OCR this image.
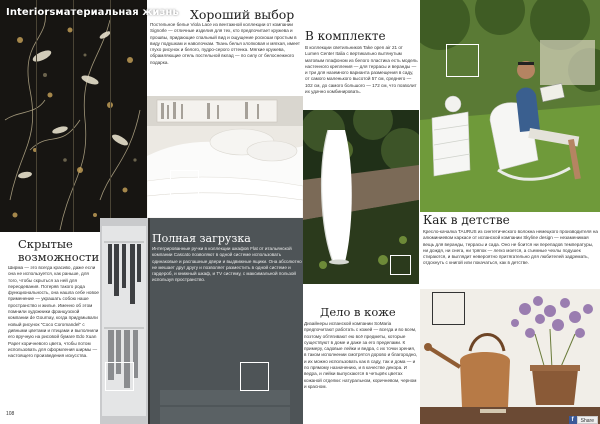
Interiorsматериальная жизнь
Скрытые возможности
Ширма — это всегда красиво, даже если она не используется, как раньше, для того, чтобы скрыться за ней для переодевания. Потеряв такого рода функциональность, она нашла себе новое применение — украшать собою наше пространство и жилье. Именно об этом помнили художники французской компании de Gournay, когда придумывали новый рисунок "Coco Coromandel" с дивными цветами и птицами и выполнили его вручную на рисовой бумаге Edo Xuan Paper коричневого цвета, чтобы потом использовать для оформления ширмы — настоящего произведения искусства.
Хороший выбор
Постельное белье Viola Lace из вентажной коллекции от компании Signorle — отличные изделия для тех, кто предпочитает кружева и прошвы, придающие спальный вид и ощущение роскоши простым в виду подушкам и наволочкам. Ткань белья хлопковая и мягкая, имеет глухо рисунок и белого, пудро-серого оттенка. Мягкие кружева, обрамляющие отель постельной вклад — по силу от белоснежного подарка.
Полная загрузка
Интегрированные ручки в коллекции шкафов Flat от итальянской компании Cascato позволяют в одной системе использовать одинаковые и распашные двери и выдвижные ящики. Она абсолютно не мешает друг другу и позволяет разместить в одной системе и гардероб, и книжный шкаф, и TV систему, с максимальной пользой используя пространство.
В комплекте
В коллекции светильников Take open air 21 от Lumen Center Italia с вертикально вытянутым матовым плафоном из белого пластика есть модель настенного крепления — для террасы и веранды — и три для наземного варианта размещения в саду, от самого маленького высотой 57 см, среднего — 102 см, до самого большого — 172 см, что позволит их удачно комбинировать.
Дело в коже
Дизайнеры испанской компании SoMaria предпочитают работать с кожей — всегда и во всем, поэтому обтягивают ею всё предметы, которые существуют в доме и даже за его пределами. К примеру, садовые лейки и ведра, с их точки зрения, в таком исполнении смотрятся дорово и благородно, и их можно использовать как в саду, так и дома — и по прямому назначению, и в качестве декора. И ведра, и лейки выпускаются в четырёх цветах кожаной отделки: натуральном, коричневом, черном и красном.
Как в детстве
Кресло-качалка TAURUS из синтетического волокна немецкого производителя на алюминиевом каркасе от испанской компании Skyline design — незаменимая вещь для веранды, террасы и сада. Оно не боится ни перепадов температуры, ни дождя, ни снега, ни тряпок — легко моется, а съемные чехлы подушек стираются, и выглядит невероятно притягательно для любителей задремать, отдохнуть с книгой или покачаться, как в детстве.
108
f	Share
